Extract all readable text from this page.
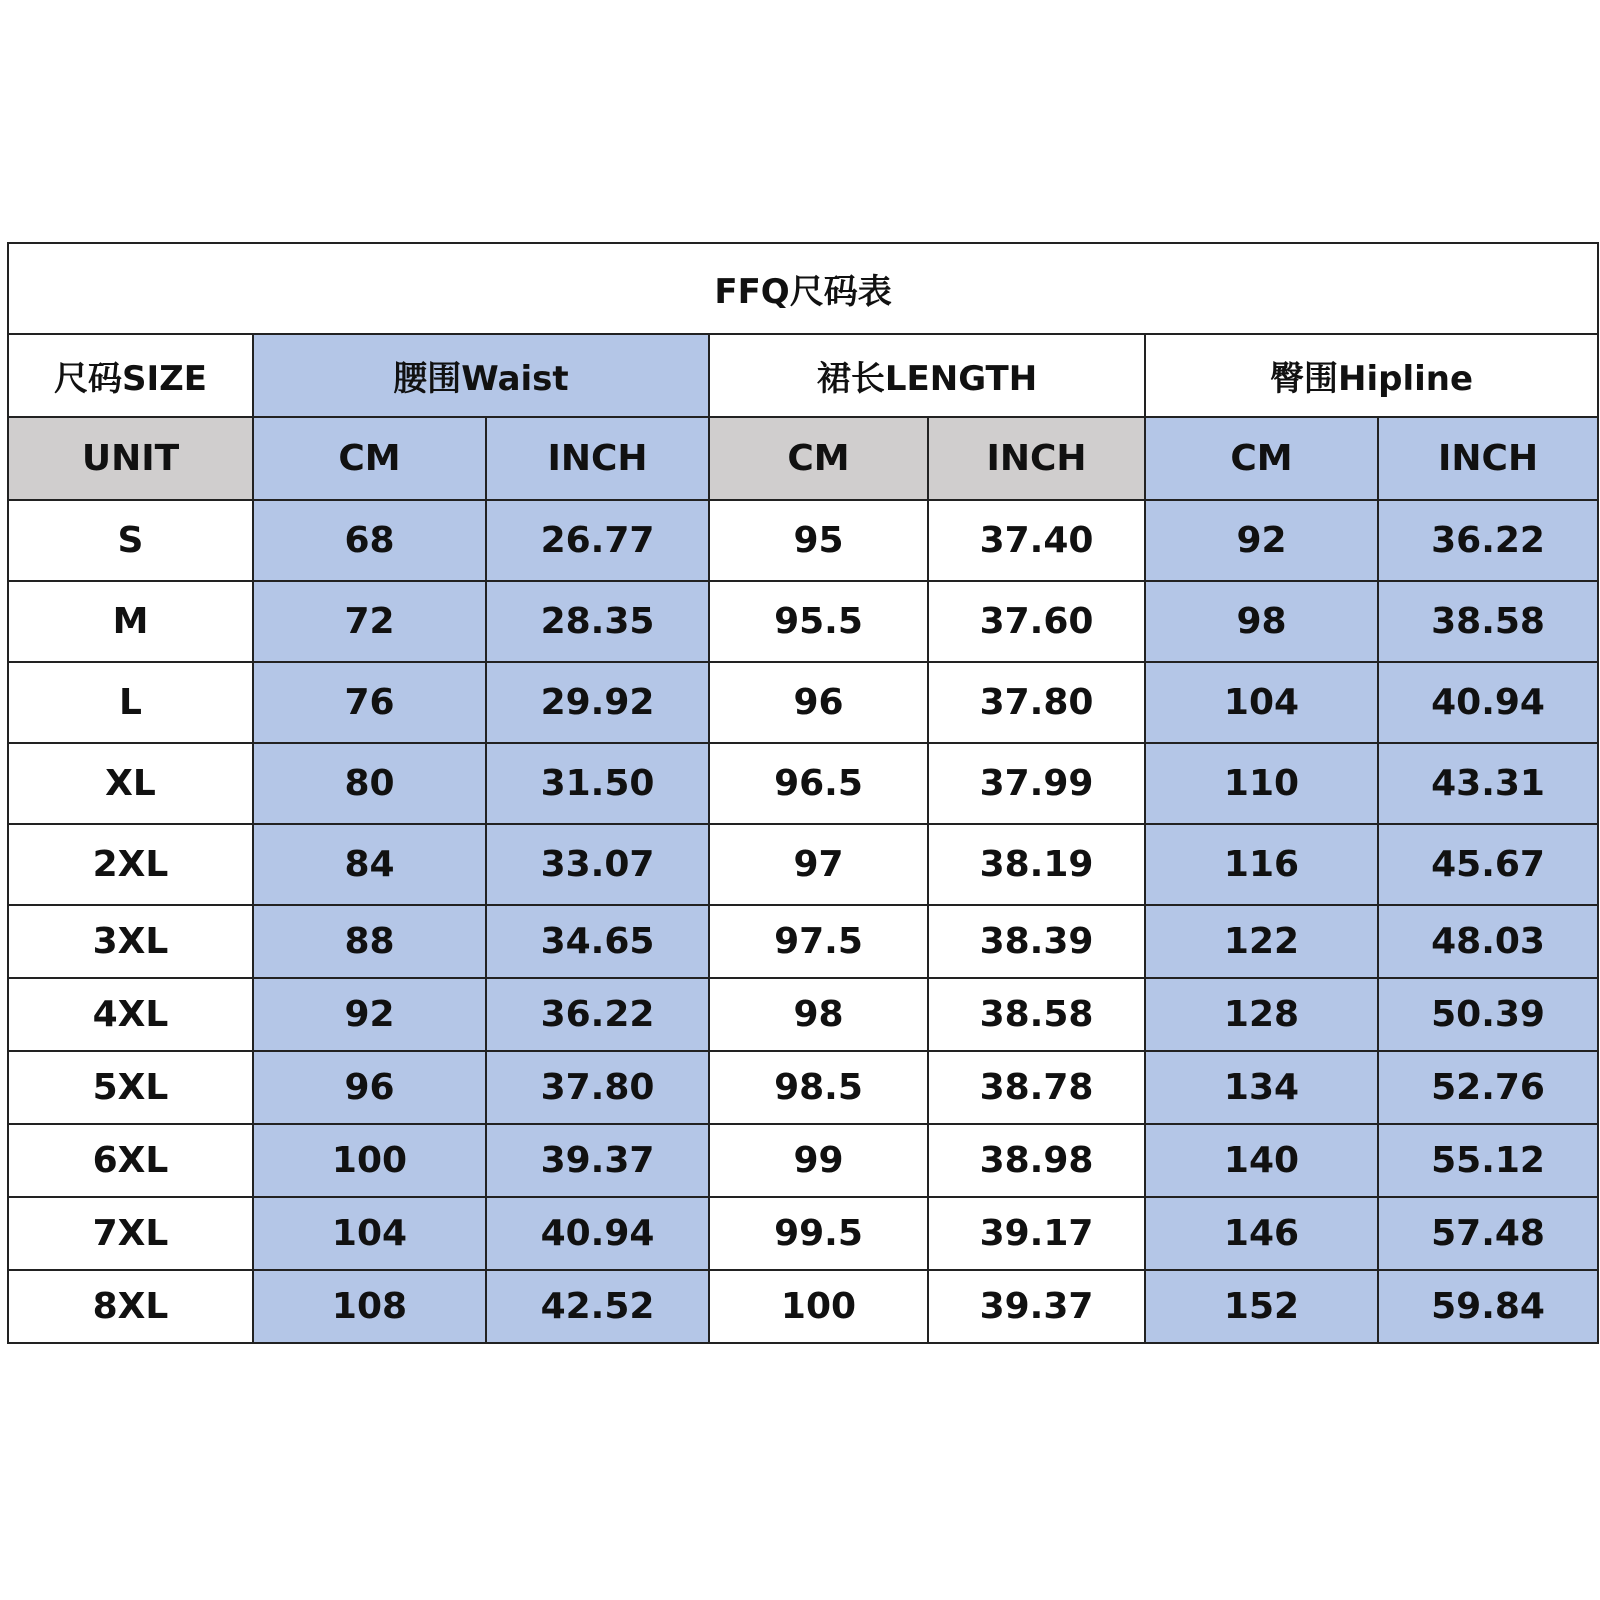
FFQ尺码表						
尺码SIZE	腰围Waist		裙长LENGTH		臀围Hipline	
UNIT	CM	INCH	CM	INCH	CM	INCH
S	68	26.77	95	37.40	92	36.22
M	72	28.35	95.5	37.60	98	38.58
L	76	29.92	96	37.80	104	40.94
XL	80	31.50	96.5	37.99	110	43.31
2XL	84	33.07	97	38.19	116	45.67
3XL	88	34.65	97.5	38.39	122	48.03
4XL	92	36.22	98	38.58	128	50.39
5XL	96	37.80	98.5	38.78	134	52.76
6XL	100	39.37	99	38.98	140	55.12
7XL	104	40.94	99.5	39.17	146	57.48
8XL	108	42.52	100	39.37	152	59.84
